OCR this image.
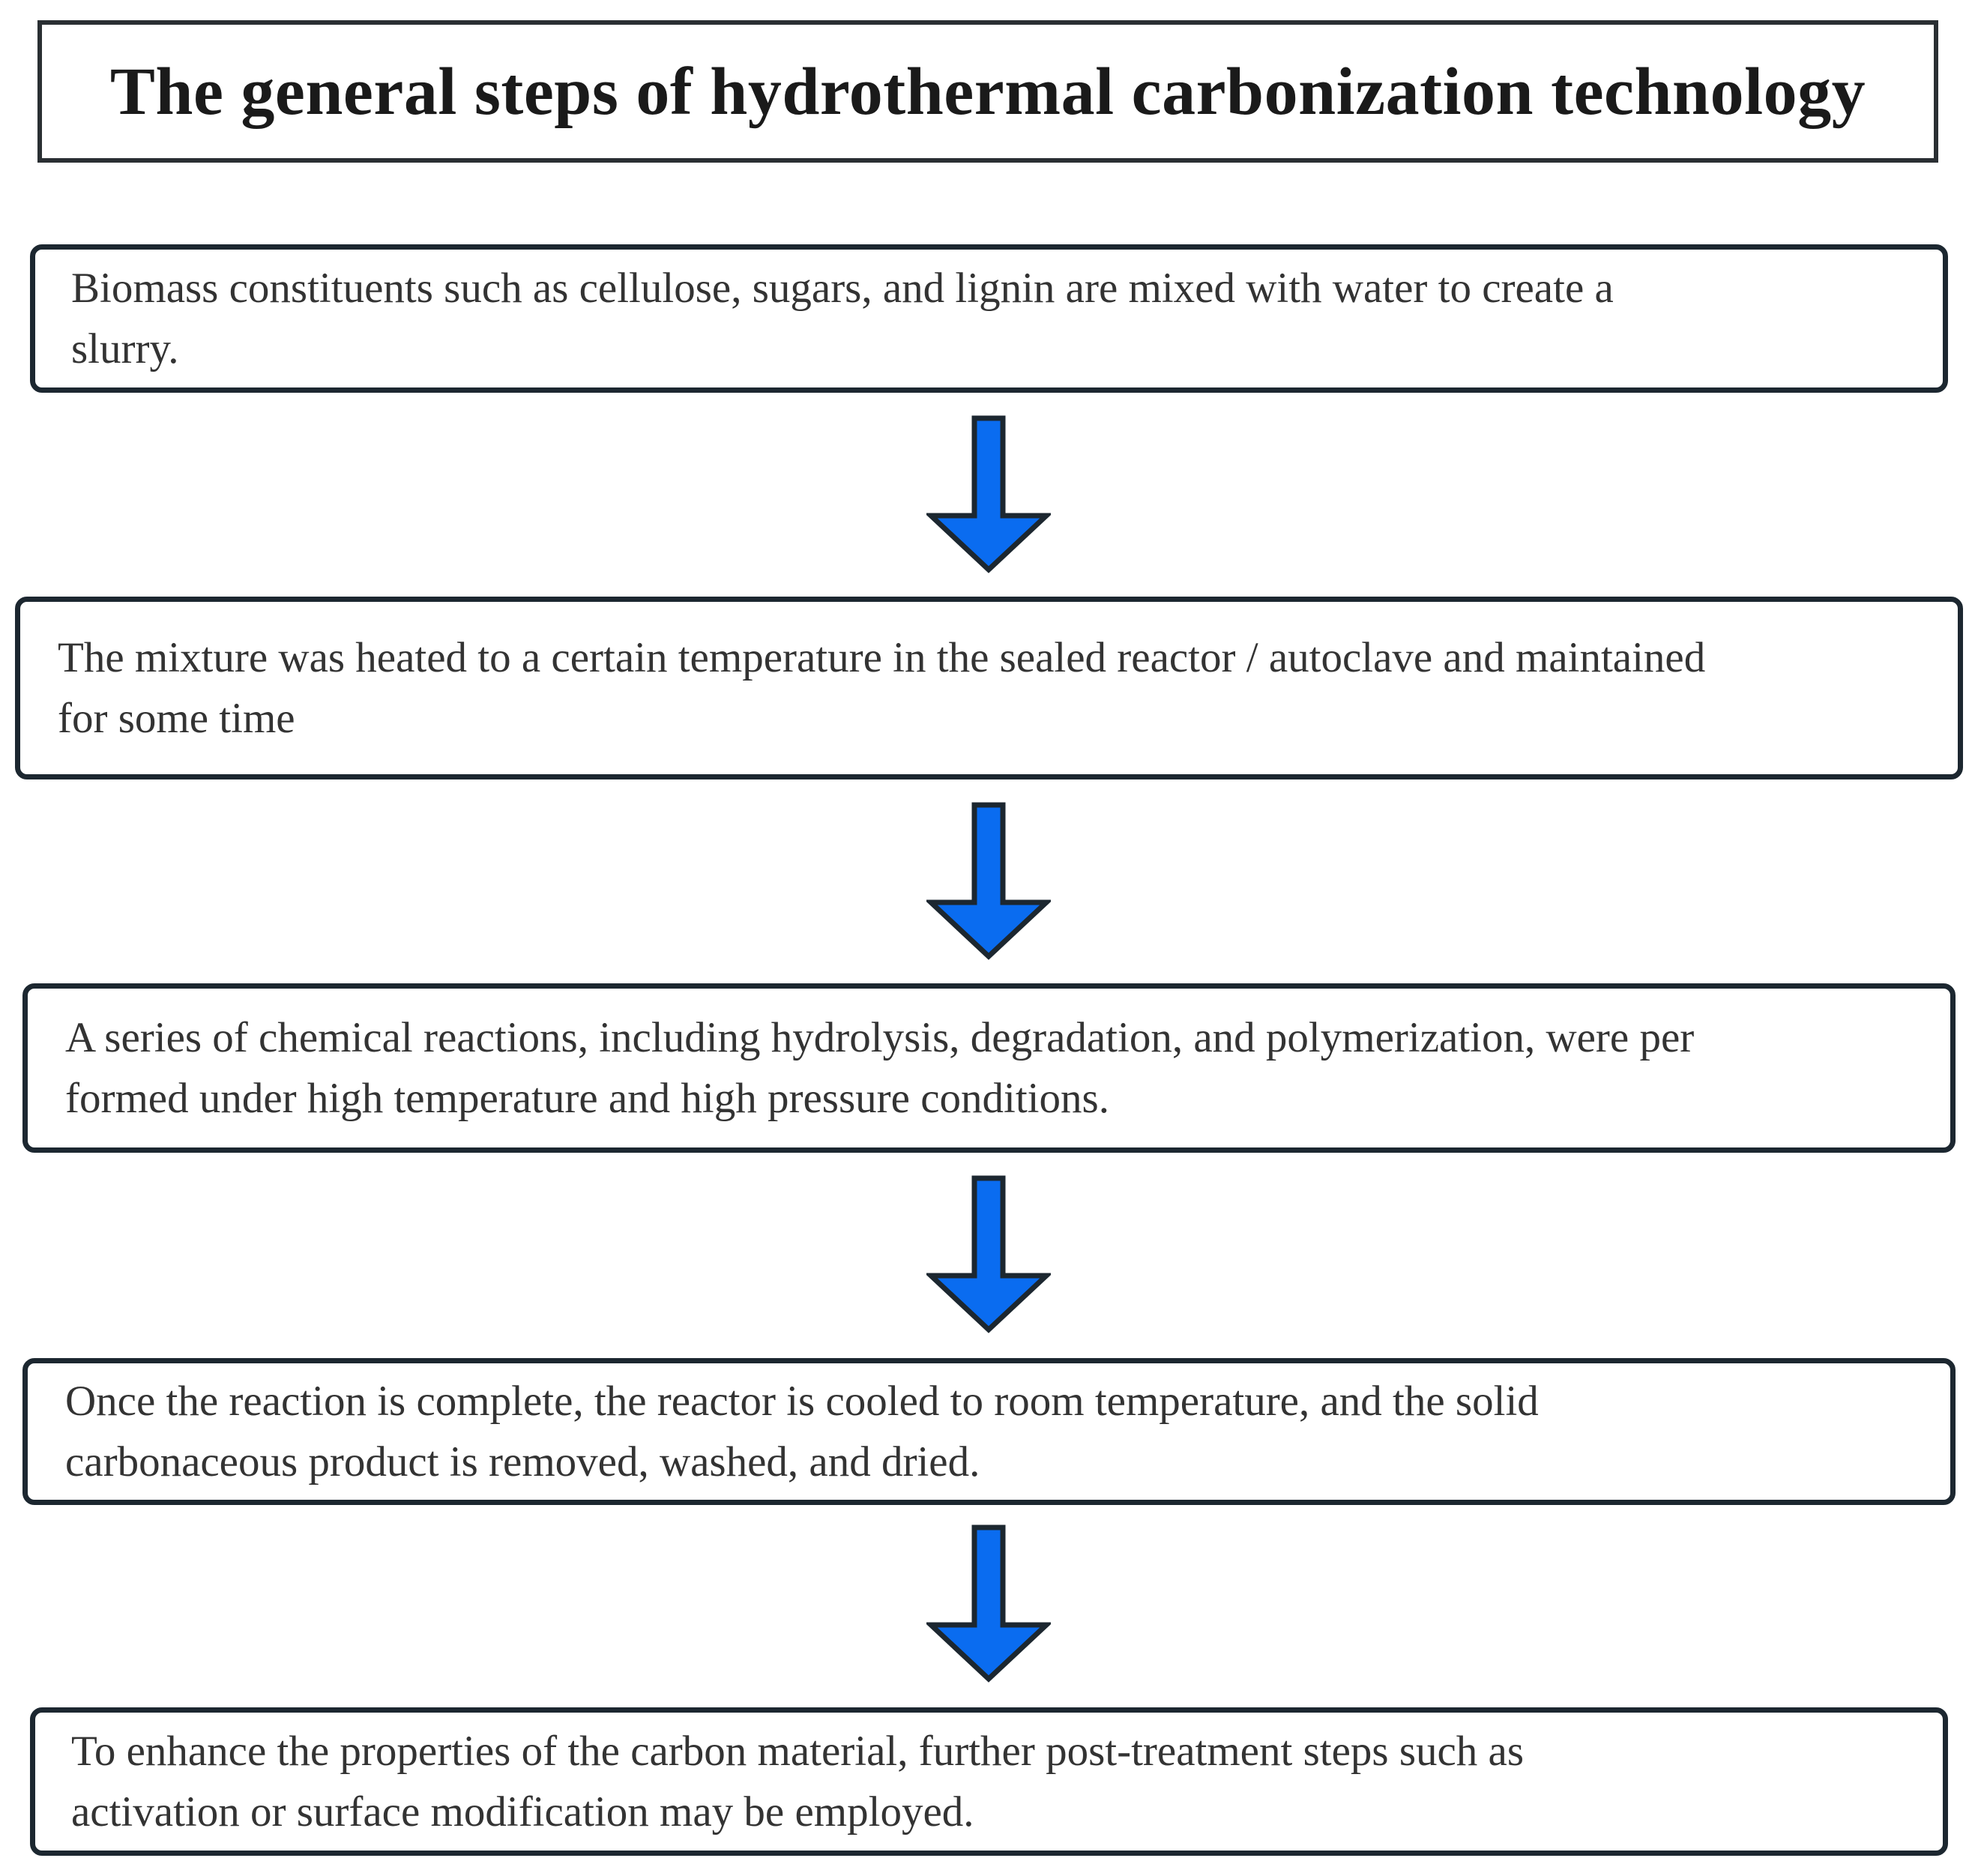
The general steps of hydrothermal carbonization technology
Biomass constituents such as cellulose, sugars, and lignin are mixed with water to create a
slurry.
The mixture was heated to a certain temperature in the sealed reactor / autoclave and maintained
for some time
A series of chemical reactions, including hydrolysis, degradation, and polymerization, were per
formed under high temperature and high pressure conditions.
Once the reaction is complete, the reactor is cooled to room temperature, and the solid
carbonaceous product is removed, washed, and dried.
To enhance the properties of the carbon material, further post-treatment steps such as
activation or surface modification may be employed.
